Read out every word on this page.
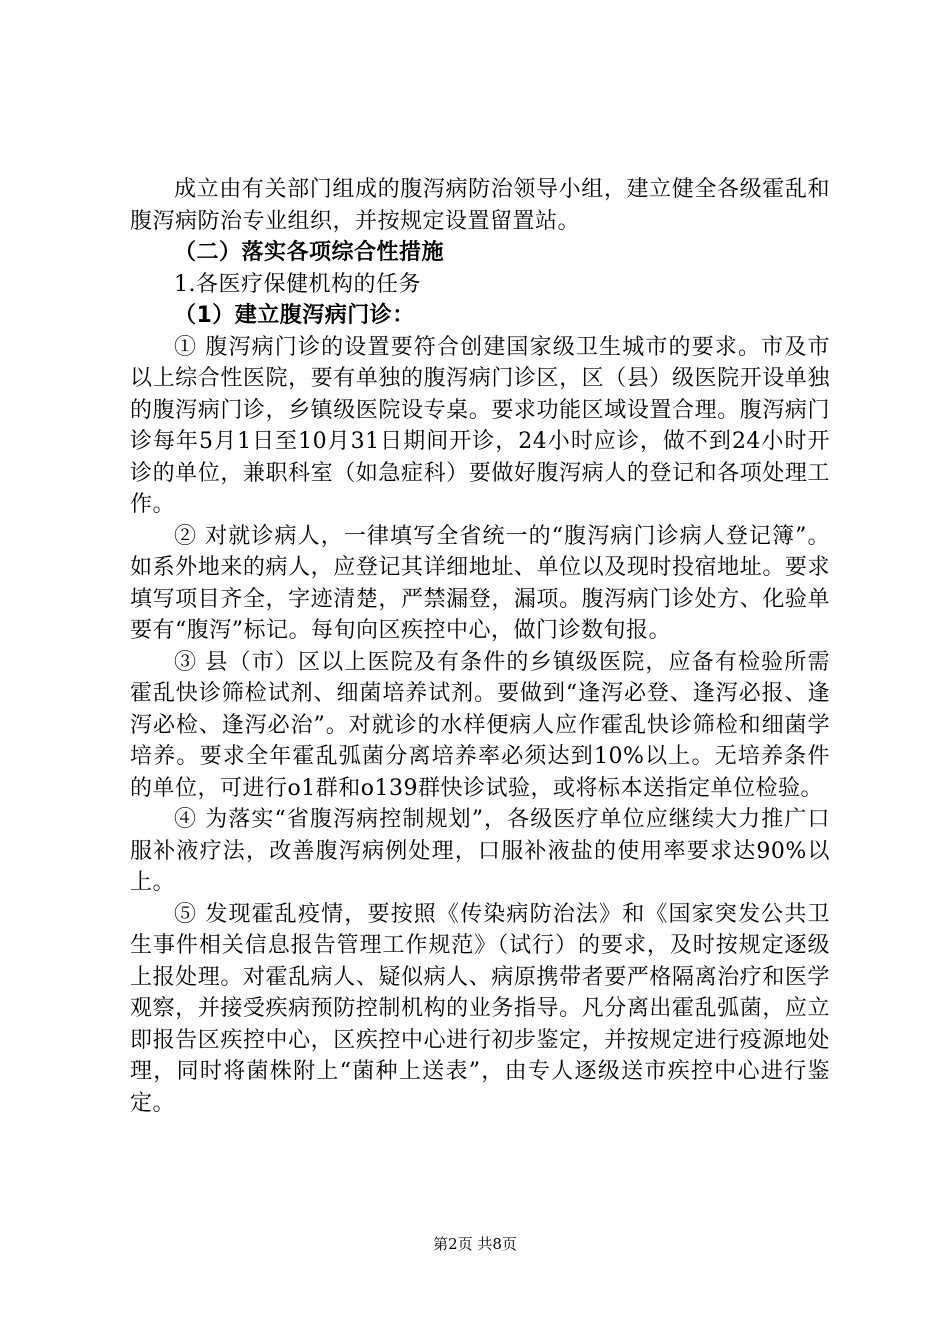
成立由有关部门组成的腹泻病防治领导小组，建立健全各级霍乱和腹泻病防治专业组织，并按规定设置留置站。

（二）落实各项综合性措施

1.各医疗保健机构的任务

（1）建立腹泻病门诊：

① 腹泻病门诊的设置要符合创建国家级卫生城市的要求。市及市以上综合性医院，要有单独的腹泻病门诊区，区（县）级医院开设单独的腹泻病门诊，乡镇级医院设专桌。要求功能区域设置合理。腹泻病门诊每年5月1日至10月31日期间开诊，24小时应诊，做不到24小时开诊的单位，兼职科室（如急症科）要做好腹泻病人的登记和各项处理工作。

② 对就诊病人，一律填写全省统一的“腹泻病门诊病人登记簿”。如系外地来的病人，应登记其详细地址、单位以及现时投宿地址。要求填写项目齐全，字迹清楚，严禁漏登，漏项。腹泻病门诊处方、化验单要有“腹泻”标记。每旬向区疾控中心，做门诊数旬报。

③ 县（市）区以上医院及有条件的乡镇级医院，应备有检验所需霍乱快诊筛检试剂、细菌培养试剂。要做到“逢泻必登、逢泻必报、逢泻必检、逢泻必治”。对就诊的水样便病人应作霍乱快诊筛检和细菌学培养。要求全年霍乱弧菌分离培养率必须达到10%以上。无培养条件的单位，可进行o1群和o139群快诊试验，或将标本送指定单位检验。

④ 为落实“省腹泻病控制规划”，各级医疗单位应继续大力推广口服补液疗法，改善腹泻病例处理，口服补液盐的使用率要求达90%以上。

⑤ 发现霍乱疫情，要按照《传染病防治法》和《国家突发公共卫生事件相关信息报告管理工作规范》（试行）的要求，及时按规定逐级上报处理。对霍乱病人、疑似病人、病原携带者要严格隔离治疗和医学观察，并接受疾病预防控制机构的业务指导。凡分离出霍乱弧菌，应立即报告区疾控中心，区疾控中心进行初步鉴定，并按规定进行疫源地处理，同时将菌株附上“菌种上送表”，由专人逐级送市疾控中心进行鉴定。

第2页 共8页
